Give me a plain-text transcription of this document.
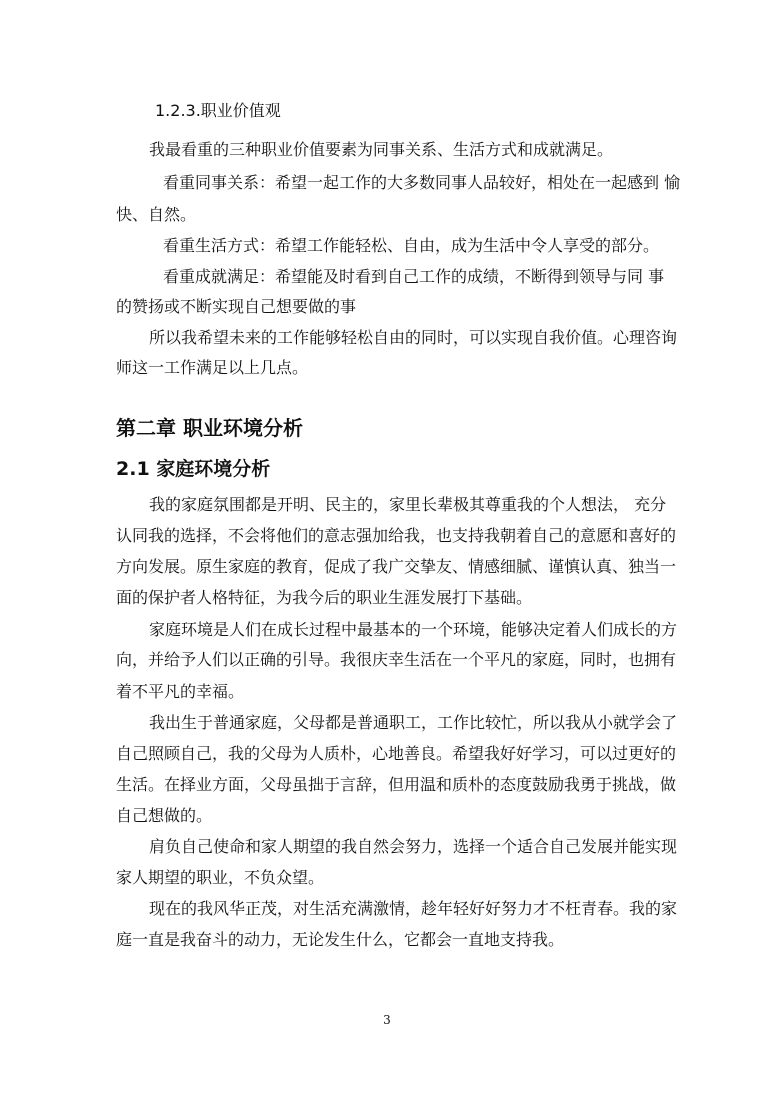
1.2.3.职业价值观
我最看重的三种职业价值要素为同事关系、生活方式和成就满足。
看重同事关系：希望一起工作的大多数同事人品较好，相处在一起感到 愉
快、自然。
看重生活方式：希望工作能轻松、自由，成为生活中令人享受的部分。
看重成就满足：希望能及时看到自己工作的成绩，不断得到领导与同 事
的赞扬或不断实现自己想要做的事
所以我希望未来的工作能够轻松自由的同时，可以实现自我价值。心理咨询
师这一工作满足以上几点。
第二章 职业环境分析
2.1 家庭环境分析
我的家庭氛围都是开明、民主的，家里长辈极其尊重我的个人想法， 充分
认同我的选择，不会将他们的意志强加给我，也支持我朝着自己的意愿和喜好的
方向发展。原生家庭的教育，促成了我广交挚友、情感细腻、谨慎认真、独当一
面的保护者人格特征，为我今后的职业生涯发展打下基础。
家庭环境是人们在成长过程中最基本的一个环境，能够决定着人们成长的方
向，并给予人们以正确的引导。我很庆幸生活在一个平凡的家庭，同时，也拥有
着不平凡的幸福。
我出生于普通家庭，父母都是普通职工，工作比较忙，所以我从小就学会了
自己照顾自己，我的父母为人质朴，心地善良。希望我好好学习，可以过更好的
生活。在择业方面，父母虽拙于言辞，但用温和质朴的态度鼓励我勇于挑战，做
自己想做的。
肩负自己使命和家人期望的我自然会努力，选择一个适合自己发展并能实现
家人期望的职业，不负众望。
现在的我风华正茂，对生活充满激情，趁年轻好好努力才不枉青春。我的家
庭一直是我奋斗的动力，无论发生什么，它都会一直地支持我。
3
